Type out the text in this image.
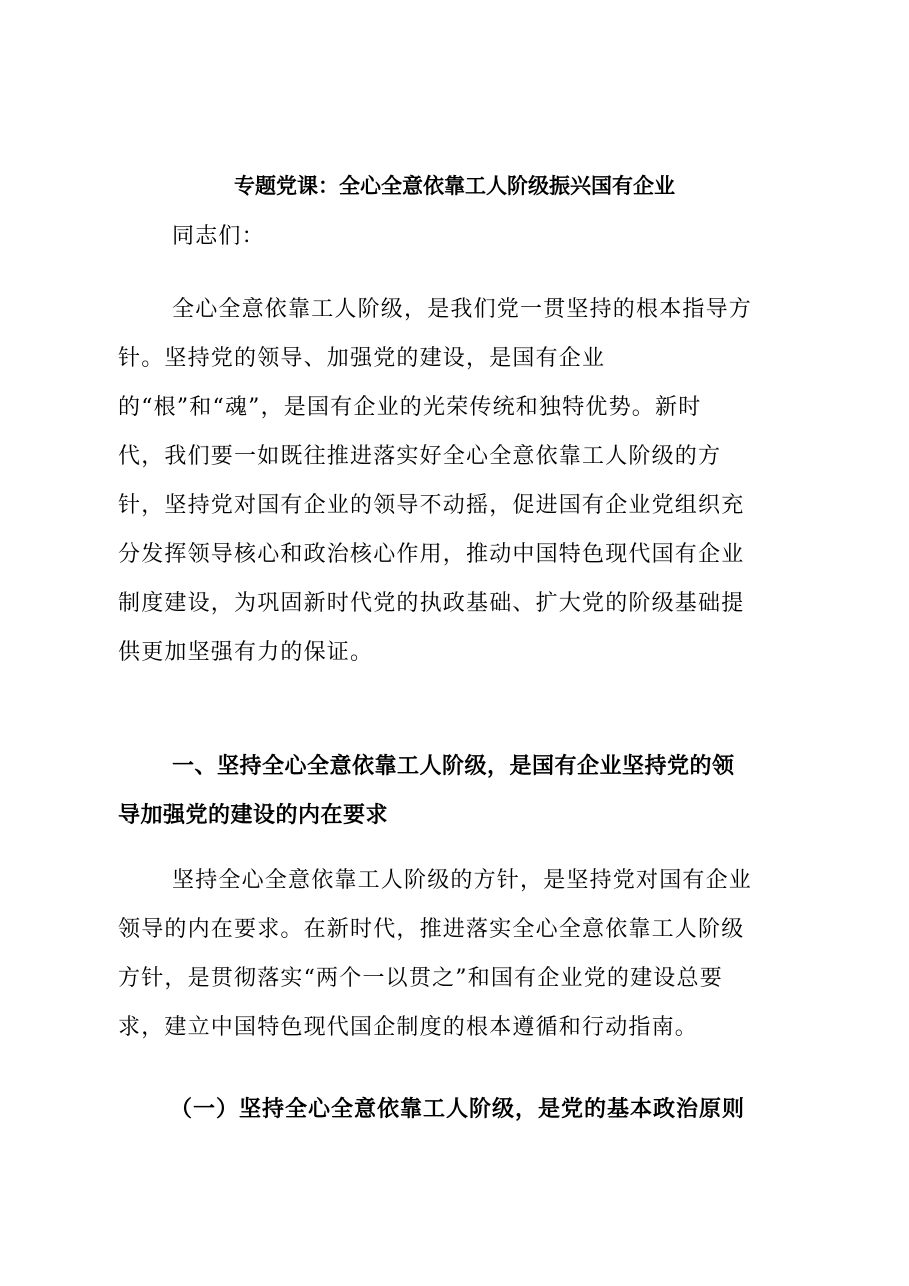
专题党课：全心全意依靠工人阶级振兴国有企业

同志们：

全心全意依靠工人阶级，是我们党一贯坚持的根本指导方
针。坚持党的领导、加强党的建设，是国有企业
的“根”和“魂”，是国有企业的光荣传统和独特优势。新时
代，我们要一如既往推进落实好全心全意依靠工人阶级的方
针，坚持党对国有企业的领导不动摇，促进国有企业党组织充
分发挥领导核心和政治核心作用，推动中国特色现代国有企业
制度建设，为巩固新时代党的执政基础、扩大党的阶级基础提
供更加坚强有力的保证。

一、坚持全心全意依靠工人阶级，是国有企业坚持党的领
导加强党的建设的内在要求

坚持全心全意依靠工人阶级的方针，是坚持党对国有企业
领导的内在要求。在新时代，推进落实全心全意依靠工人阶级
方针，是贯彻落实“两个一以贯之”和国有企业党的建设总要
求，建立中国特色现代国企制度的根本遵循和行动指南。

（一）坚持全心全意依靠工人阶级，是党的基本政治原则
